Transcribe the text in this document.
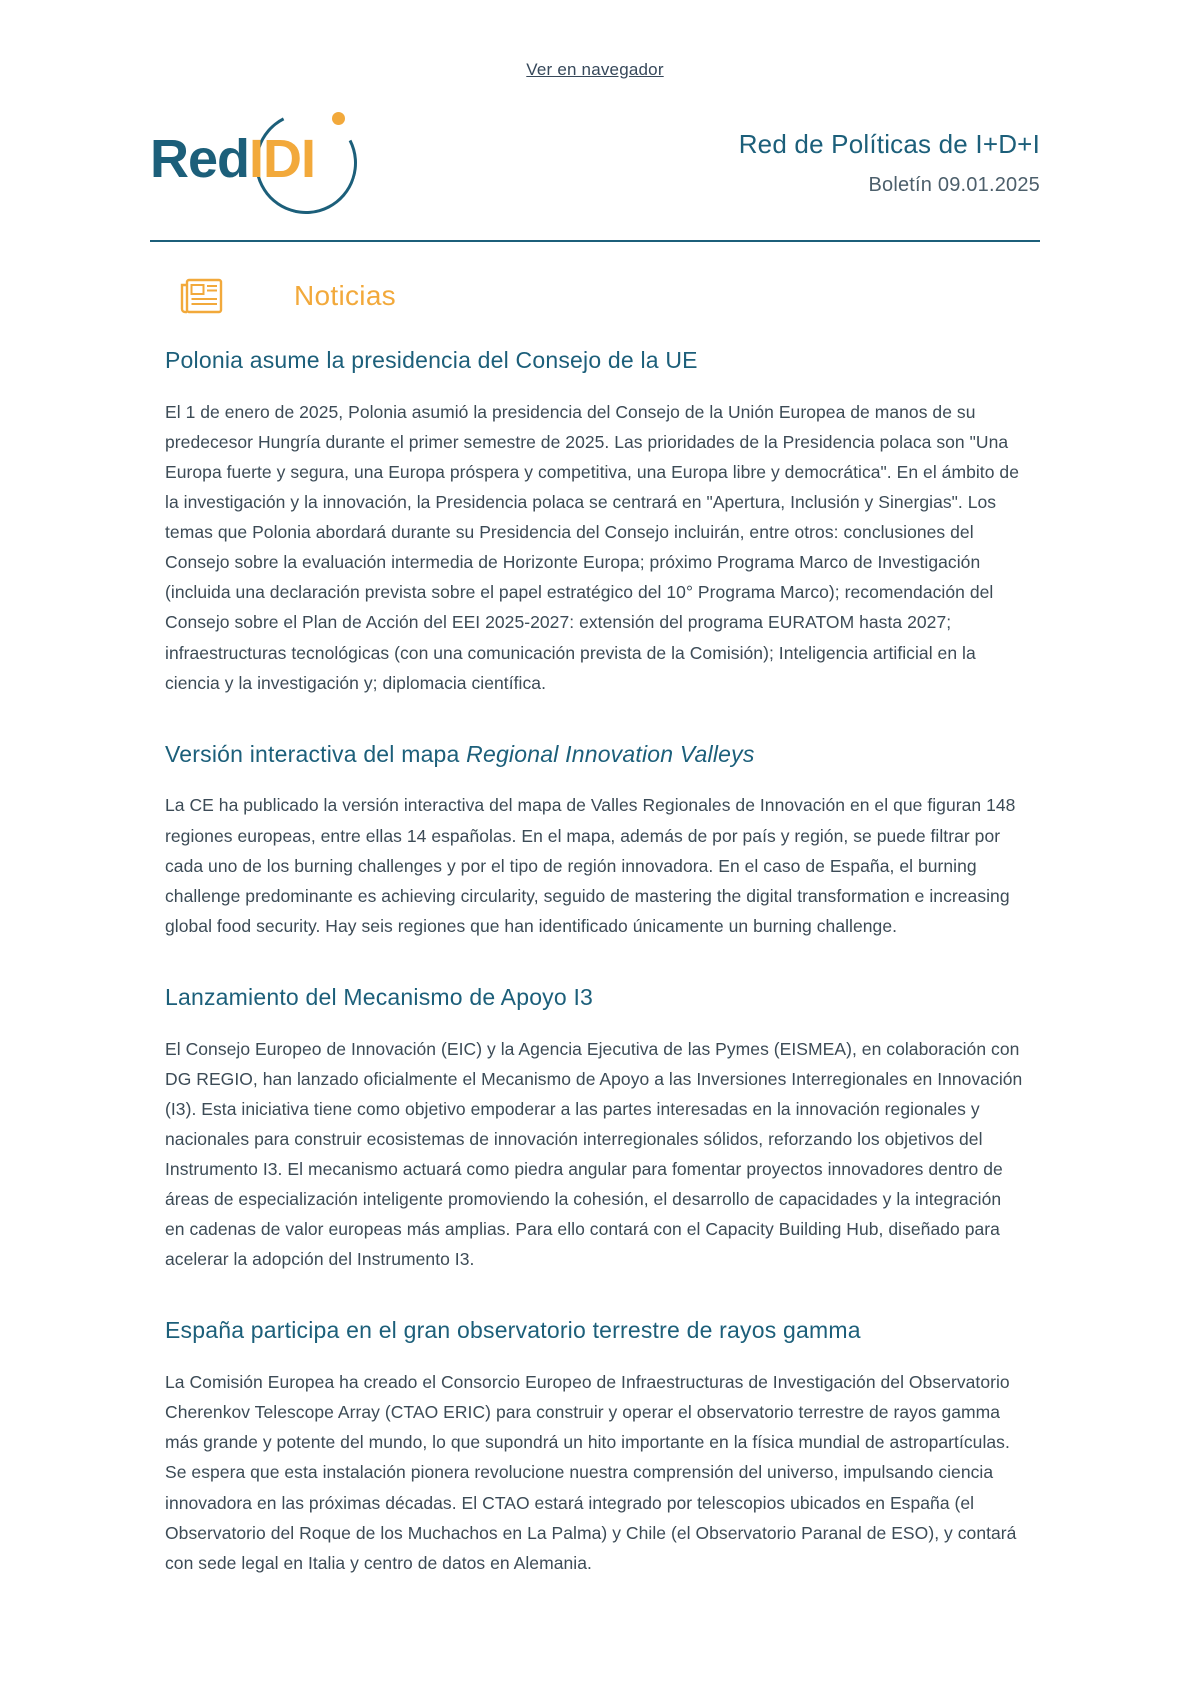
Ver en navegador
RedIDI	Red de Políticas de I+D+I
Boletín 09.01.2025
Noticias
Polonia asume la presidencia del Consejo de la UE

El 1 de enero de 2025, Polonia asumió la presidencia del Consejo de la Unión Europea de manos de su predecesor Hungría durante el primer semestre de 2025. Las prioridades de la Presidencia polaca son "Una Europa fuerte y segura, una Europa próspera y competitiva, una Europa libre y democrática". En el ámbito de la investigación y la innovación, la Presidencia polaca se centrará en "Apertura, Inclusión y Sinergias". Los temas que Polonia abordará durante su Presidencia del Consejo incluirán, entre otros: conclusiones del Consejo sobre la evaluación intermedia de Horizonte Europa; próximo Programa Marco de Investigación (incluida una declaración prevista sobre el papel estratégico del 10° Programa Marco); recomendación del Consejo sobre el Plan de Acción del EEI 2025-2027: extensión del programa EURATOM hasta 2027; infraestructuras tecnológicas (con una comunicación prevista de la Comisión); Inteligencia artificial en la ciencia y la investigación y; diplomacia científica.

Versión interactiva del mapa Regional Innovation Valleys

La CE ha publicado la versión interactiva del mapa de Valles Regionales de Innovación en el que figuran 148 regiones europeas, entre ellas 14 españolas. En el mapa, además de por país y región, se puede filtrar por cada uno de los burning challenges y por el tipo de región innovadora. En el caso de España, el burning challenge predominante es achieving circularity, seguido de mastering the digital transformation e increasing global food security. Hay seis regiones que han identificado únicamente un burning challenge.

Lanzamiento del Mecanismo de Apoyo I3

El Consejo Europeo de Innovación (EIC) y la Agencia Ejecutiva de las Pymes (EISMEA), en colaboración con DG REGIO, han lanzado oficialmente el Mecanismo de Apoyo a las Inversiones Interregionales en Innovación (I3). Esta iniciativa tiene como objetivo empoderar a las partes interesadas en la innovación regionales y nacionales para construir ecosistemas de innovación interregionales sólidos, reforzando los objetivos del Instrumento I3. El mecanismo actuará como piedra angular para fomentar proyectos innovadores dentro de áreas de especialización inteligente promoviendo la cohesión, el desarrollo de capacidades y la integración en cadenas de valor europeas más amplias. Para ello contará con el Capacity Building Hub, diseñado para acelerar la adopción del Instrumento I3.

España participa en el gran observatorio terrestre de rayos gamma

La Comisión Europea ha creado el Consorcio Europeo de Infraestructuras de Investigación del Observatorio Cherenkov Telescope Array (CTAO ERIC) para construir y operar el observatorio terrestre de rayos gamma más grande y potente del mundo, lo que supondrá un hito importante en la física mundial de astropartículas. Se espera que esta instalación pionera revolucione nuestra comprensión del universo, impulsando ciencia innovadora en las próximas décadas. El CTAO estará integrado por telescopios ubicados en España (el Observatorio del Roque de los Muchachos en La Palma) y Chile (el Observatorio Paranal de ESO), y contará con sede legal en Italia y centro de datos en Alemania.
